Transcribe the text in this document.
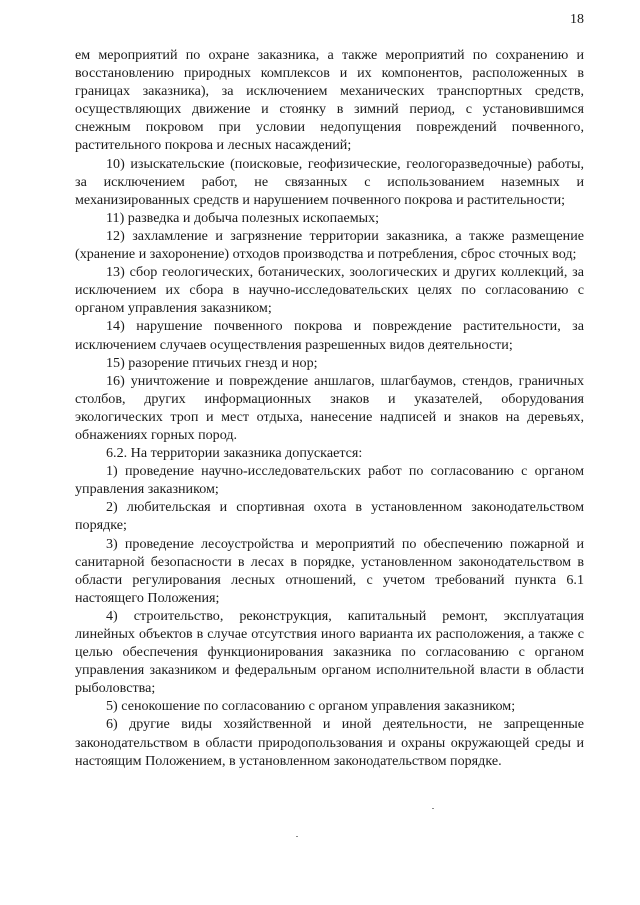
18

ем мероприятий по охране заказника, а также мероприятий по сохранению и восстановлению природных комплексов и их компонентов, расположенных в границах заказника), за исключением механических транспортных средств, осуществляющих движение и стоянку в зимний период, с установившимся снежным покровом при условии недопущения повреждений почвенного, растительного покрова и лесных насаждений;

10) изыскательские (поисковые, геофизические, геологоразведочные) работы, за исключением работ, не связанных с использованием наземных и механизированных средств и нарушением почвенного покрова и растительности;

11) разведка и добыча полезных ископаемых;

12) захламление и загрязнение территории заказника, а также размещение (хранение и захоронение) отходов производства и потребления, сброс сточных вод;

13) сбор геологических, ботанических, зоологических и других коллекций, за исключением их сбора в научно-исследовательских целях по согласованию с органом управления заказником;

14) нарушение почвенного покрова и повреждение растительности, за исключением случаев осуществления разрешенных видов деятельности;

15) разорение птичьих гнезд и нор;

16) уничтожение и повреждение аншлагов, шлагбаумов, стендов, граничных столбов, других информационных знаков и указателей, оборудования экологических троп и мест отдыха, нанесение надписей и знаков на деревьях, обнажениях горных пород.

6.2. На территории заказника допускается:

1) проведение научно-исследовательских работ по согласованию с органом управления заказником;

2) любительская и спортивная охота в установленном законодательством порядке;

3) проведение лесоустройства и мероприятий по обеспечению пожарной и санитарной безопасности в лесах в порядке, установленном законодательством в области регулирования лесных отношений, с учетом требований пункта 6.1 настоящего Положения;

4) строительство, реконструкция, капитальный ремонт, эксплуатация линейных объектов в случае отсутствия иного варианта их расположения, а также с целью обеспечения функционирования заказника по согласованию с органом управления заказником и федеральным органом исполнительной власти в области рыболовства;

5) сенокошение по согласованию с органом управления заказником;

6) другие виды хозяйственной и иной деятельности, не запрещенные законодательством в области природопользования и охраны окружающей среды и настоящим Положением, в установленном законодательством порядке.
